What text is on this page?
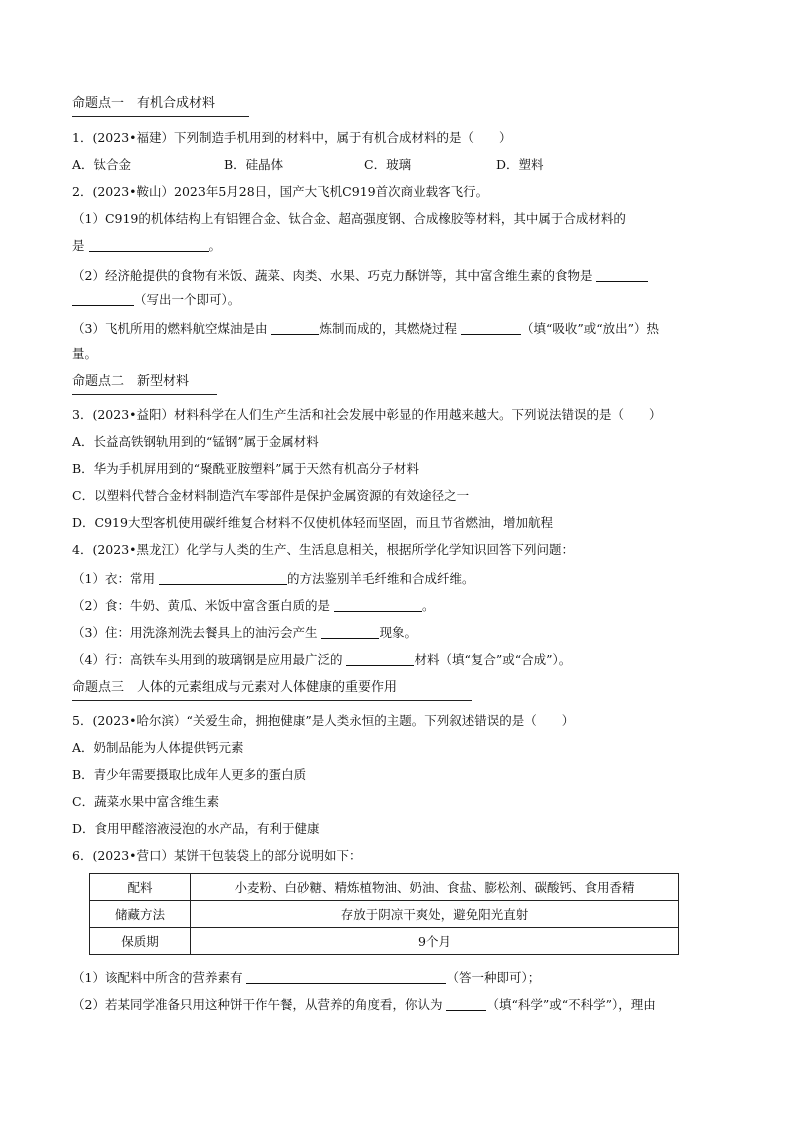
命题点一　有机合成材料
1．(2023•福建）下列制造手机用到的材料中，属于有机合成材料的是（　　）
A．钛合金	B．硅晶体	C．玻璃	D．塑料
2．(2023•鞍山）2023年5月28日，国产大飞机C919首次商业载客飞行。
（1）C919的机体结构上有铝锂合金、钛合金、超高强度钢、合成橡胶等材料，其中属于合成材料的
是	。
（2）经济舱提供的食物有米饭、蔬菜、肉类、水果、巧克力酥饼等，其中富含维生素的食物是
（写出一个即可）。
（3）飞机所用的燃料航空煤油是由	炼制而成的，其燃烧过程	（填“吸收”或“放出”）热
量。
命题点二　新型材料
3．(2023•益阳）材料科学在人们生产生活和社会发展中彰显的作用越来越大。下列说法错误的是（　　）
A．长益高铁钢轨用到的“锰钢”属于金属材料
B．华为手机屏用到的“聚酰亚胺塑料”属于天然有机高分子材料
C．以塑料代替合金材料制造汽车零部件是保护金属资源的有效途径之一
D．C919大型客机使用碳纤维复合材料不仅使机体轻而坚固，而且节省燃油，增加航程
4．(2023•黑龙江）化学与人类的生产、生活息息相关，根据所学化学知识回答下列问题：
（1）衣：常用	的方法鉴别羊毛纤维和合成纤维。
（2）食：牛奶、黄瓜、米饭中富含蛋白质的是	。
（3）住：用洗涤剂洗去餐具上的油污会产生	现象。
（4）行：高铁车头用到的玻璃钢是应用最广泛的	材料（填“复合”或“合成”）。
命题点三　人体的元素组成与元素对人体健康的重要作用
5．(2023•哈尔滨）“关爱生命，拥抱健康”是人类永恒的主题。下列叙述错误的是（　　）
A．奶制品能为人体提供钙元素
B．青少年需要摄取比成年人更多的蛋白质
C．蔬菜水果中富含维生素
D．食用甲醛溶液浸泡的水产品，有利于健康
6．(2023•营口）某饼干包装袋上的部分说明如下：
配料	小麦粉、白砂糖、精炼植物油、奶油、食盐、膨松剂、碳酸钙、食用香精
储藏方法	存放于阴凉干爽处，避免阳光直射
保质期	9个月
（1）该配料中所含的营养素有	（答一种即可）；
（2）若某同学准备只用这种饼干作午餐，从营养的角度看，你认为	（填“科学”或“不科学”），理由
